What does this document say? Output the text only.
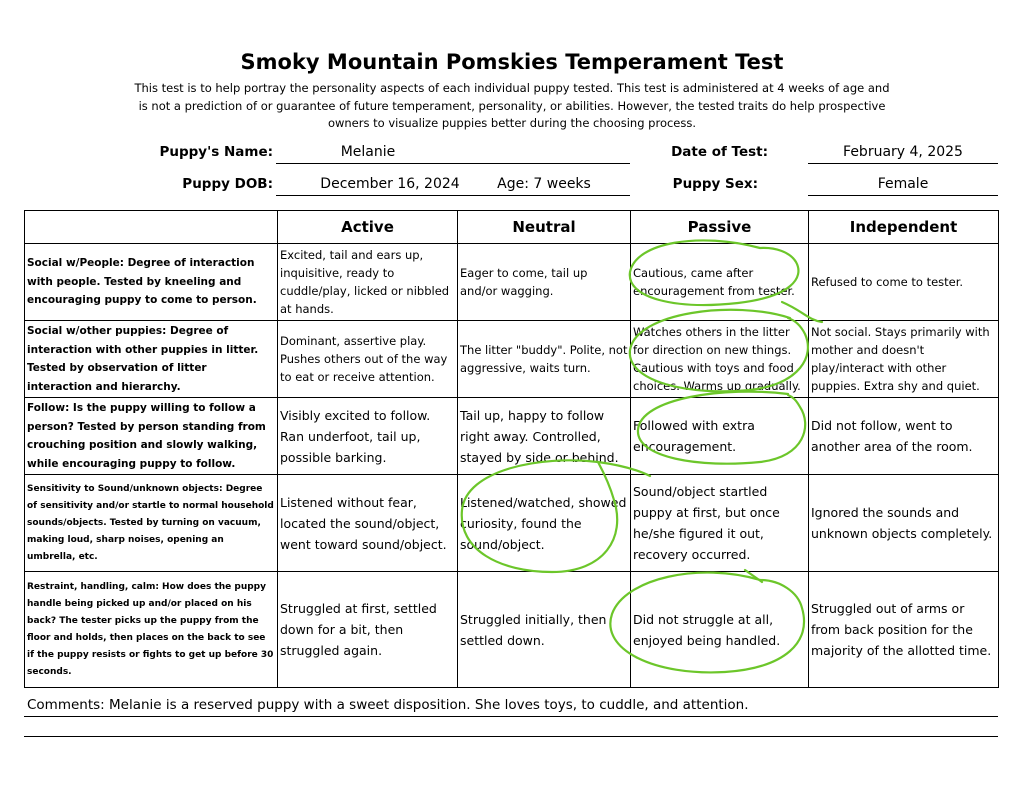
Smoky Mountain Pomskies Temperament Test
This test is to help portray the personality aspects of each individual puppy tested. This test is administered at 4 weeks of age and is not a prediction of or guarantee of future temperament, personality, or abilities. However, the tested traits do help prospective owners to visualize puppies better during the choosing process.
Puppy's Name:	Melanie
Puppy DOB:	December 16, 2024	Age: 7 weeks
Date of Test:	February 4, 2025
Puppy Sex:	Female
	Active	Neutral	Passive	Independent
Social w/People: Degree of interaction with people. Tested by kneeling and encouraging puppy to come to person.	Excited, tail and ears up, inquisitive, ready to cuddle/play, licked or nibbled at hands.	Eager to come, tail up and/or wagging.	Cautious, came after encouragement from tester.	Refused to come to tester.
Social w/other puppies: Degree of interaction with other puppies in litter. Tested by observation of litter interaction and hierarchy.	Dominant, assertive play. Pushes others out of the way to eat or receive attention.	The litter "buddy". Polite, not aggressive, waits turn.	Watches others in the litter for direction on new things. Cautious with toys and food choices. Warms up gradually.	Not social. Stays primarily with mother and doesn't play/interact with other puppies. Extra shy and quiet.
Follow: Is the puppy willing to follow a person? Tested by person standing from crouching position and slowly walking, while encouraging puppy to follow.	Visibly excited to follow. Ran underfoot, tail up, possible barking.	Tail up, happy to follow right away. Controlled, stayed by side or behind.	Followed with extra encouragement.	Did not follow, went to another area of the room.
Sensitivity to Sound/unknown objects: Degree of sensitivity and/or startle to normal household sounds/objects. Tested by turning on vacuum, making loud, sharp noises, opening an umbrella, etc.	Listened without fear, located the sound/object, went toward sound/object.	Listened/watched, showed curiosity, found the sound/object.	Sound/object startled puppy at first, but once he/she figured it out, recovery occurred.	Ignored the sounds and unknown objects completely.
Restraint, handling, calm: How does the puppy handle being picked up and/or placed on his back? The tester picks up the puppy from the floor and holds, then places on the back to see if the puppy resists or fights to get up before 30 seconds.	Struggled at first, settled down for a bit, then struggled again.	Struggled initially, then settled down.	Did not struggle at all, enjoyed being handled.	Struggled out of arms or from back position for the majority of the allotted time.
Comments: Melanie is a reserved puppy with a sweet disposition. She loves toys, to cuddle, and attention.
